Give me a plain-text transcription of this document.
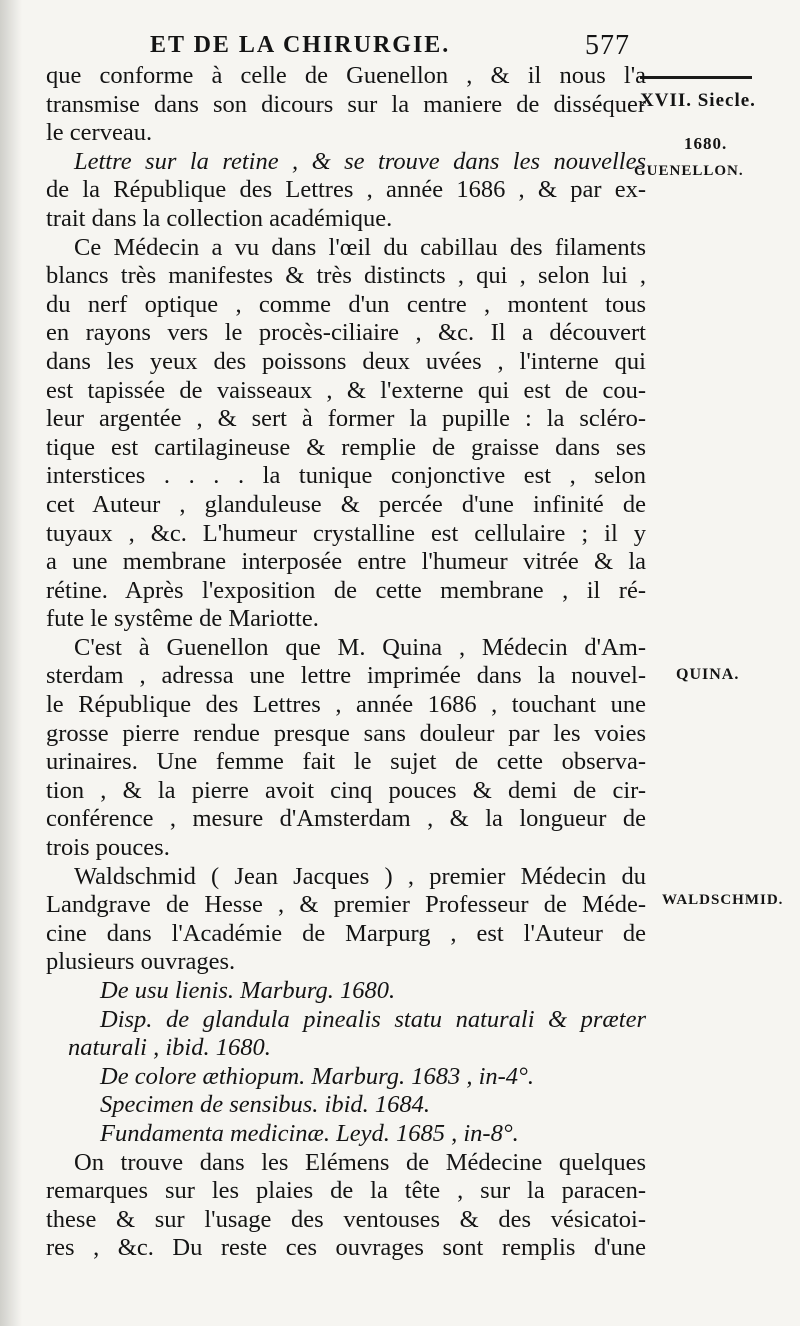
ET DE LA CHIRURGIE.	577
XVII. Siecle.
1680.
GUENELLON.
QUINA.
WALDSCHMID.
que conforme à celle de Guenellon , & il nous l'a
transmise dans son dicours sur la maniere de disséquer
le cerveau.
Lettre sur la retine , & se trouve dans les nouvelles
de la République des Lettres , année 1686 , & par ex-
trait dans la collection académique.
Ce Médecin a vu dans l'œil du cabillau des filaments
blancs très manifestes & très distincts , qui , selon lui ,
du nerf optique , comme d'un centre , montent tous
en rayons vers le procès-ciliaire , &c. Il a découvert
dans les yeux des poissons deux uvées , l'interne qui
est tapissée de vaisseaux , & l'externe qui est de cou-
leur argentée , & sert à former la pupille : la scléro-
tique est cartilagineuse & remplie de graisse dans ses
interstices . . . . la tunique conjonctive est , selon
cet Auteur , glanduleuse & percée d'une infinité de
tuyaux , &c. L'humeur crystalline est cellulaire ; il y
a une membrane interposée entre l'humeur vitrée & la
rétine. Après l'exposition de cette membrane , il ré-
fute le systême de Mariotte.
C'est à Guenellon que M. Quina , Médecin d'Am-
sterdam , adressa une lettre imprimée dans la nouvel-
le République des Lettres , année 1686 , touchant une
grosse pierre rendue presque sans douleur par les voies
urinaires. Une femme fait le sujet de cette observa-
tion , & la pierre avoit cinq pouces & demi de cir-
conférence , mesure d'Amsterdam , & la longueur de
trois pouces.
Waldschmid ( Jean Jacques ) , premier Médecin du
Landgrave de Hesse , & premier Professeur de Méde-
cine dans l'Académie de Marpurg , est l'Auteur de
plusieurs ouvrages.
De usu lienis. Marburg. 1680.
Disp. de glandula pinealis statu naturali & præter
naturali , ibid. 1680.
De colore æthiopum. Marburg. 1683 , in-4°.
Specimen de sensibus. ibid. 1684.
Fundamenta medicinæ. Leyd. 1685 , in-8°.
On trouve dans les Elémens de Médecine quelques
remarques sur les plaies de la tête , sur la paracen-
these & sur l'usage des ventouses & des vésicatoi-
res , &c. Du reste ces ouvrages sont remplis d'une
